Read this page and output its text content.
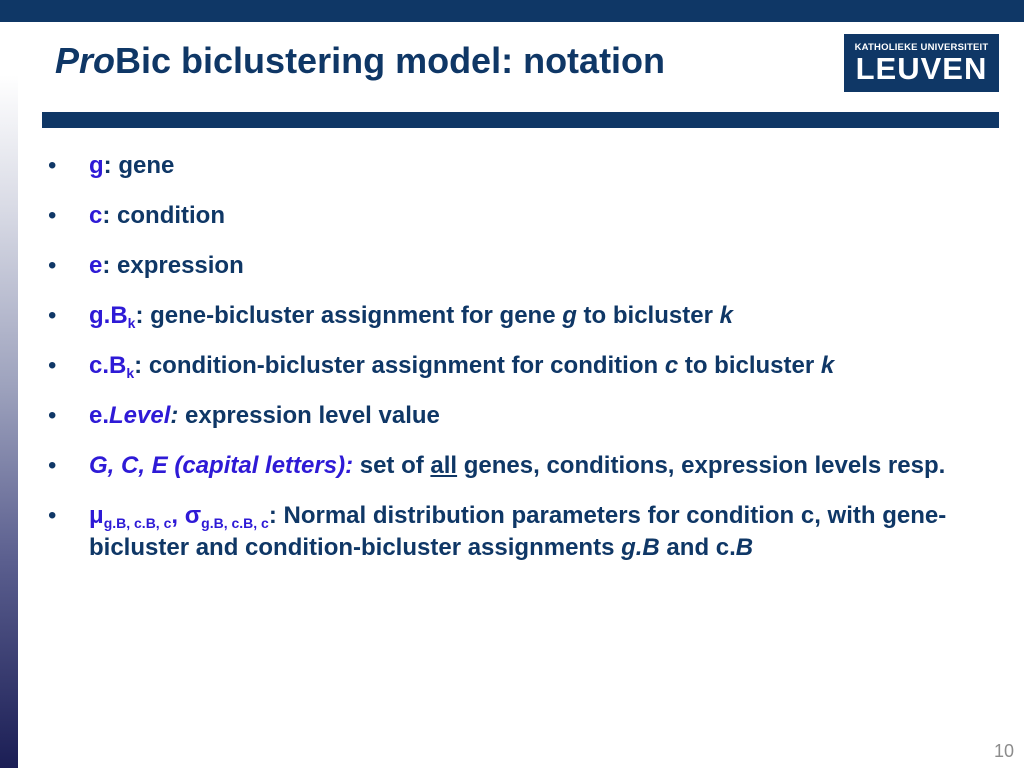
ProBic biclustering model: notation	KATHOLIEKE UNIVERSITEIT
LEUVEN
•	g: gene
•	c: condition
•	e: expression
•	$g.B_k$: gene-bicluster assignment for gene g to bicluster k
•	$c.B_k$: condition-bicluster assignment for condition c to bicluster k
•	e.Level: expression level value
•	G, C, E (capital letters): set of all genes, conditions, expression levels resp.
•	$\mu_{g.B, c.B, c}$, $\sigma_{g.B, c.B, c}$: Normal distribution parameters for condition c, with gene-bicluster and condition-bicluster assignments g.B and c.B
10
